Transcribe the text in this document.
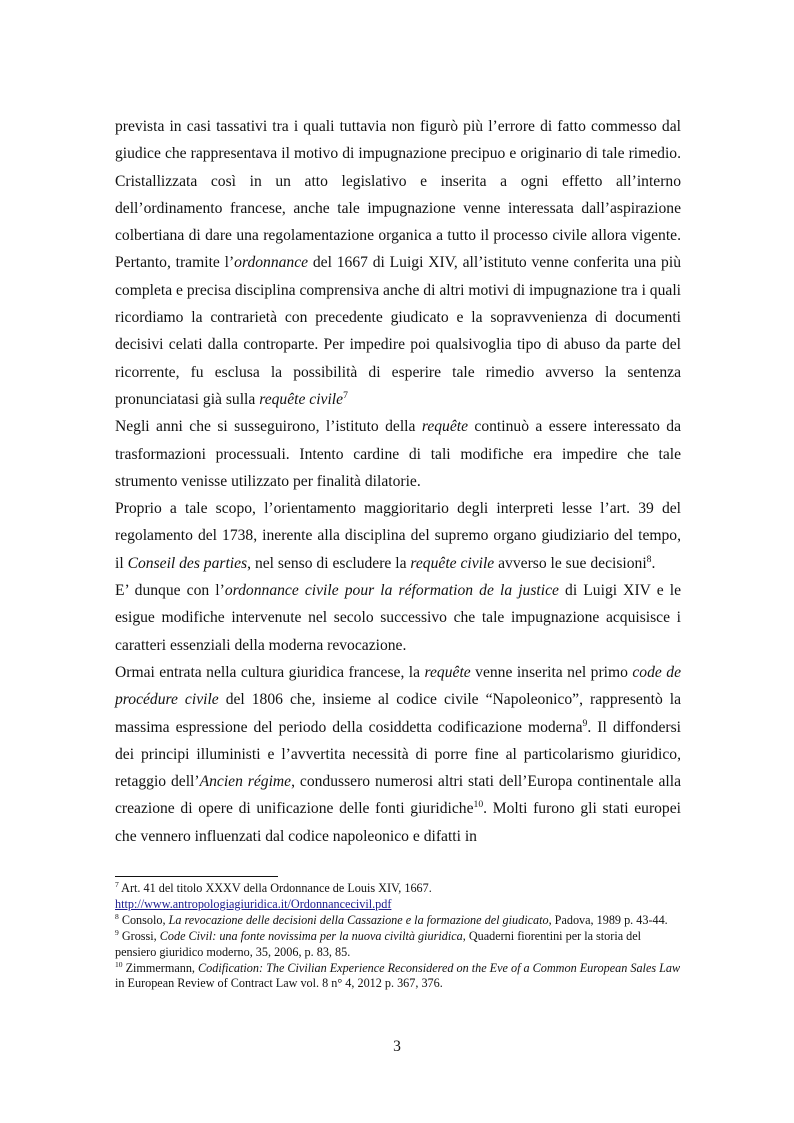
prevista in casi tassativi tra i quali tuttavia non figurò più l’errore di fatto commesso dal giudice che rappresentava il motivo di impugnazione precipuo e originario di tale rimedio. Cristallizzata così in un atto legislativo e inserita a ogni effetto all’interno dell’ordinamento francese, anche tale impugnazione venne interessata dall’aspirazione colbertiana di dare una regolamentazione organica a tutto il processo civile allora vigente. Pertanto, tramite l’ordonnance del 1667 di Luigi XIV, all’istituto venne conferita una più completa e precisa disciplina comprensiva anche di altri motivi di impugnazione tra i quali ricordiamo la contrarietà con precedente giudicato e la sopravvenienza di documenti decisivi celati dalla controparte. Per impedire poi qualsivoglia tipo di abuso da parte del ricorrente, fu esclusa la possibilità di esperire tale rimedio avverso la sentenza pronunciatasi già sulla requête civile$^7$

Negli anni che si susseguirono, l’istituto della requête continuò a essere interessato da trasformazioni processuali. Intento cardine di tali modifiche era impedire che tale strumento venisse utilizzato per finalità dilatorie.

Proprio a tale scopo, l’orientamento maggioritario degli interpreti lesse l’art. 39 del regolamento del 1738, inerente alla disciplina del supremo organo giudiziario del tempo, il Conseil des parties, nel senso di escludere la requête civile avverso le sue decisioni$^8$.

E’ dunque con l’ordonnance civile pour la réformation de la justice di Luigi XIV e le esigue modifiche intervenute nel secolo successivo che tale impugnazione acquisisce i caratteri essenziali della moderna revocazione.

Ormai entrata nella cultura giuridica francese, la requête venne inserita nel primo code de procédure civile del 1806 che, insieme al codice civile “Napoleonico”, rappresentò la massima espressione del periodo della cosiddetta codificazione moderna$^9$. Il diffondersi dei principi illuministi e l’avvertita necessità di porre fine al particolarismo giuridico, retaggio dell’Ancien régime, condussero numerosi altri stati dell’Europa continentale alla creazione di opere di unificazione delle fonti giuridiche$^{10}$. Molti furono gli stati europei che vennero influenzati dal codice napoleonico e difatti in

$^7$ Art. 41 del titolo XXXV della Ordonnance de Louis XIV, 1667.
http://www.antropologiagiuridica.it/Ordonnancecivil.pdf

$^8$ Consolo, La revocazione delle decisioni della Cassazione e la formazione del giudicato, Padova, 1989 p. 43-44.

$^9$ Grossi, Code Civil: una fonte novissima per la nuova civiltà giuridica, Quaderni fiorentini per la storia del pensiero giuridico moderno, 35, 2006, p. 83, 85.

$^{10}$ Zimmermann, Codification: The Civilian Experience Reconsidered on the Eve of a Common European Sales Law in European Review of Contract Law vol. 8 n° 4, 2012 p. 367, 376.

3
